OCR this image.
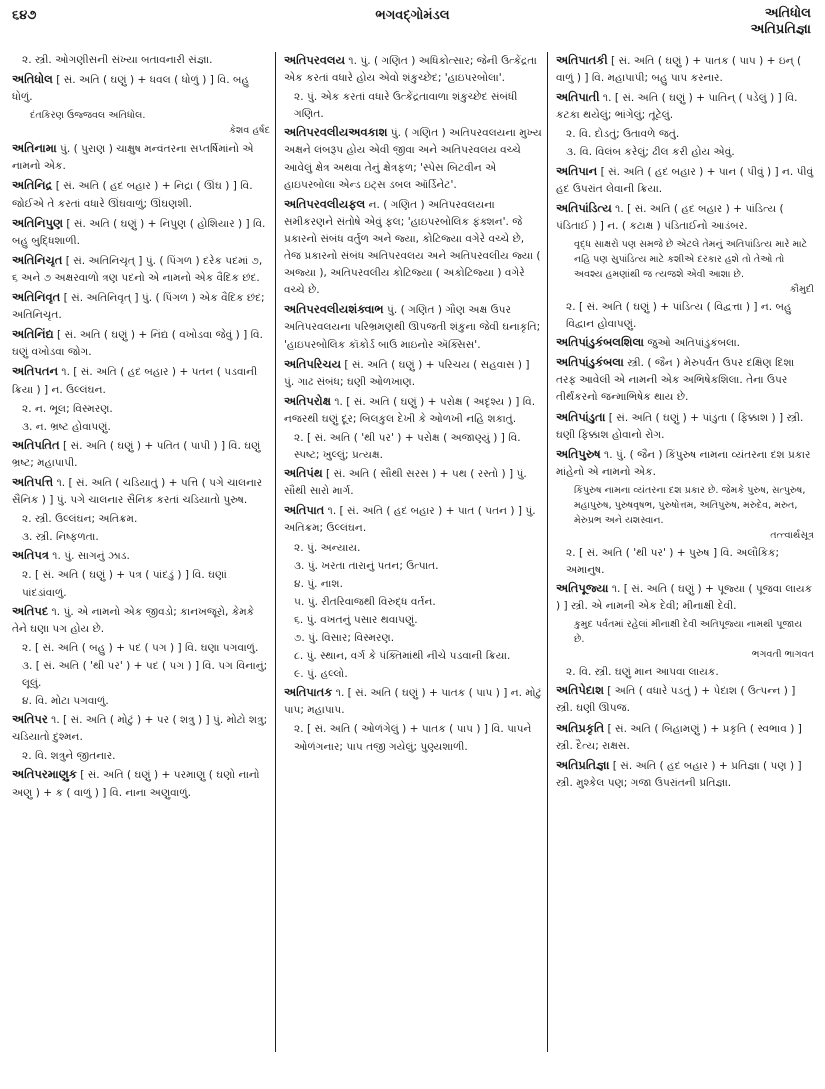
૬૪૭	ભગવદ્ગોમંડલ	અતિધોલ
અતિપ્રતિજ્ઞા
૨. સ્ત્રી. ઓગણીસની સંખ્યા બતાવનારી સંજ્ઞા.
અતિધોલ [ સં. અતિ ( ઘણું ) + ધવલ ( ધોળું ) ] વિ. બહુ ધોળું.
દંતકિરણ ઉજ્જવલ અતિધોલ.
કેશવ હર્ષદ
અતિનામા પું. ( પુરાણ ) ચાક્ષુષ મન્વંતરના સપ્તર્ષિમાંનો એ નામનો એક.
અતિનિદ્ર [ સં. અતિ ( હદ બહાર ) + નિદ્રા ( ઊંઘ ) ] વિ. જોઈએ તે કરતાં વધારે ઊંઘવાળું; ઊંઘણશી.
અતિનિપુણ [ સં. અતિ ( ઘણું ) + નિપુણ ( હોશિયાર ) ] વિ. બહુ બુદ્ધિશાળી.
અતિનિચૃત [ સં. અતિનિચૃત્ ] પું. ( પિંગળ ) દરેક પદમાં ૭, ૬ અને ૭ અક્ષરવાળો ત્રણ પદનો એ નામનો એક વૈદિક છંદ.
અતિનિવૃત [ સં. અતિનિવૃત્ ] પું. ( પિંગળ ) એક વૈદિક છંદ; અતિનિચૃત.
અતિનિંદ્ય [ સં. અતિ ( ઘણું ) + નિંદ્ય ( વખોડવા જેવું ) ] વિ. ઘણું વખોડવા જોગ.
અતિપતન ૧. [ સં. અતિ ( હદ બહાર ) + પતન ( પડવાની ક્રિયા ) ] ન. ઉલ્લંઘન.
૨. ન. ભૂલ; વિસ્મરણ.
૩. ન. ભ્રષ્ટ હોવાપણું.
અતિપતિત [ સં. અતિ ( ઘણું ) + પતિત ( પાપી ) ] વિ. ઘણું ભ્રષ્ટ; મહાપાપી.
અતિપત્તિ ૧. [ સં. અતિ ( ચડિયાતું ) + પત્તિ ( પગે ચાલનાર સૈનિક ) ] પું. પગે ચાલનાર સૈનિક કરતાં ચડિયાતો પુરુષ.
૨. સ્ત્રી. ઉલ્લંઘન; અતિક્રમ.
૩. સ્ત્રી. નિષ્ફળતા.
અતિપત્ર ૧. પું. સાગનું ઝાડ.
૨. [ સં. અતિ ( ઘણું ) + પત્ર ( પાંદડું ) ] વિ. ઘણાં પાંદડાંવાળું.
અતિપદ ૧. પું. એ નામનો એક જીવડો; કાનખજૂરો, કેમકે તેને ઘણા પગ હોય છે.
૨. [ સં. અતિ ( બહુ ) + પદ ( પગ ) ] વિ. ઘણા પગવાળું.
૩. [ સં. અતિ ( 'થી પર' ) + પદ ( પગ ) ] વિ. પગ વિનાનું; લૂલું.
૪. વિ. મોટા પગવાળું.
અતિપર ૧. [ સં. અતિ ( મોટું ) + પર ( શત્રુ ) ] પું. મોટો શત્રુ; ચડિયાતો દુશ્મન.
૨. વિ. શત્રુને જીતનાર.
અતિપરમાણુક [ સં. અતિ ( ઘણું ) + પરમાણુ ( ઘણો નાનો અણુ ) + ક ( વાળું ) ] વિ. નાના અણુવાળું.
અતિપરવલય ૧. પું. ( ગણિત ) અધિકોત્સાર; જેની ઉત્કેંદ્રતા એક કરતાં વધારે હોય એવો શંકુચ્છેદ; 'હાઇપરબોલા'.
૨. પું. એક કરતાં વધારે ઉત્કેંદ્રતાવાળા શંકુચ્છેદ સંબંધી ગણિત.
અતિપરવલીયઅવકાશ પું. ( ગણિત ) અતિપરવલયના મુખ્ય અક્ષને લંબરૂપ હોય એવી જીવા અને અતિપરવલય વચ્ચે આવેલું ક્ષેત્ર અથવા તેનું ક્ષેત્રફળ; 'સ્પેસ બિટવીન એ હાઇપરબોલા એન્ડ ઇટ્સ ડબલ ઑર્ડિનેટ'.
અતિપરવલીયફલ ન. ( ગણિત ) અતિપરવલયના સમીકરણને સંતોષે એવું ફલ; 'હાઇપરબોલિક ફંક્શન'. જે પ્રકારનો સંબંધ વર્તુળ અને જ્યા, કોટિજ્યા વગેરે વચ્ચે છે, તેજ પ્રકારનો સંબંધ અતિપરવલય અને અતિપરવલીય જ્યા ( અજ્યા ), અતિપરવલીય કોટિજ્યા ( અકોટિજ્યા ) વગેરે વચ્ચે છે.
અતિપરવલીયશંક્વાભ પું. ( ગણિત ) ગૌણ અક્ષ ઉપર અતિપરવલયના પરિભ્રમણથી ઊપજતી શંકુના જેવી ઘનાકૃતિ; 'હાઇપરબોલિક કૉકોર્ડ બાઉ માઇનોર ઍક્સિસ'.
અતિપરિચય [ સં. અતિ ( ઘણું ) + પરિચય ( સહવાસ ) ] પું. ગાઢ સંબંધ; ઘણી ઓળખાણ.
અતિપરોક્ષ ૧. [ સં. અતિ ( ઘણું ) + પરોક્ષ ( અદૃશ્ય ) ] વિ. નજરથી ઘણું દૂર; બિલકુલ દેખી કે ઓળખી નહિ શકાતું.
૨. [ સં. અતિ ( 'થી પર' ) + પરોક્ષ ( અજાણ્યું ) ] વિ. સ્પષ્ટ; ખુલ્લું; પ્રત્યક્ષ.
અતિપંથ [ સં. અતિ ( સૌથી સરસ ) + પથ ( રસ્તો ) ] પું. સૌથી સારો માર્ગ.
અતિપાત ૧. [ સં. અતિ ( હદ બહાર ) + પાત ( પતન ) ] પું. અતિક્રમ; ઉલ્લંઘન.
૨. પું. અન્યાય.
૩. પું. ખરતા તારાનું પતન; ઉત્પાત.
૪. પું. નાશ.
૫. પું. રીતરિવાજથી વિરુદ્ધ વર્તન.
૬. પું. વખતનું પસાર થવાપણું.
૭. પું. વિસાર; વિસ્મરણ.
૮. પું. સ્થાન, વર્ગ કે પંક્તિમાંથી નીચે પડવાની ક્રિયા.
૯. પું. હલ્લો.
અતિપાતક ૧. [ સં. અતિ ( ઘણું ) + પાતક ( પાપ ) ] ન. મોટું પાપ; મહાપાપ.
૨. [ સં. અતિ ( ઓળંગેલું ) + પાતક ( પાપ ) ] વિ. પાપને ઓળંગનાર; પાપ તજી ગયેલું; પુણ્યશાળી.
અતિપાતકી [ સં. અતિ ( ઘણું ) + પાતક ( પાપ ) + ઇન્ ( વાળું ) ] વિ. મહાપાપી; બહુ પાપ કરનાર.
અતિપાતી ૧. [ સં. અતિ ( ઘણું ) + પાતિન્ ( પડેલું ) ] વિ. કટકા થયેલું; ભાંગેલું; તૂટેલું.
૨. વિ. દોડતું; ઉતાવળે જતું.
૩. વિ. વિલંબ કરેલું; ઢીલ કરી હોય એવું.
અતિપાન [ સં. અતિ ( હદ બહાર ) + પાન ( પીવું ) ] ન. પીવું હદ ઉપરાંત લેવાની ક્રિયા.
અતિપાંડિત્ય ૧. [ સં. અતિ ( હદ બહાર ) + પાંડિત્ય ( પંડિતાઈ ) ] ન. ( કટાક્ષ ) પંડિતાઈનો આડંબર.
વૃદ્ધ સાક્ષરો પણ સમજે છે એટલે તેમનું અતિપાંડિત્ય મારે માટે નહિ પણ સુપાંડિત્ય માટે કશીએ દરકાર હશે તો તેઓ તો અવશ્ય હમણાંથી જ ત્યજશે એવી આશા છે.
કૌમુદી
૨. [ સં. અતિ ( ઘણું ) + પાંડિત્ય ( વિદ્વત્તા ) ] ન. બહુ વિદ્વાન હોવાપણું.
અતિપાંડુકંબલશિલા જુઓ અતિપાંડુકંબલા.
અતિપાંડુકંબલા સ્ત્રી. ( જૈન ) મેરુપર્વત ઉપર દક્ષિણ દિશા તરફ આવેલી એ નામની એક અભિષેકશિલા. તેના ઉપર તીર્થંકરનો જન્માભિષેક થાય છે.
અતિપાંડુતા [ સં. અતિ ( ઘણું ) + પાંડુતા ( ફિક્કાશ ) ] સ્ત્રી. ઘણી ફિક્કાશ હોવાનો રોગ.
અતિપુરુષ ૧. પું. ( જૈન ) કિંપુરુષ નામના વ્યંતરના દશ પ્રકાર માંહેનો એ નામનો એક.
કિંપુરુષ નામના વ્યંતરના દશ પ્રકાર છે. જેમકે પુરુષ, સત્પુરુષ, મહાપુરુષ, પુરુષવૃષભ, પુરુષોત્તમ, અતિપુરુષ, મરુદેવ, મરુત, મેરુપ્રભ અને યશસ્વાન.
તત્ત્વાર્થસૂત્ર
૨. [ સં. અતિ ( 'થી પર' ) + પુરુષ ] વિ. અલૌકિક; અમાનુષ.
અતિપૂજ્યા ૧. [ સં. અતિ ( ઘણું ) + પૂજ્યા ( પૂજવા લાયક ) ] સ્ત્રી. એ નામની એક દેવી; મીનાક્ષી દેવી.
કુમુદ પર્વતમાં રહેલાં મીનાક્ષી દેવી અતિપૂજ્યા નામથી પૂજાય છે.
ભગવતી ભાગવત
૨. વિ. સ્ત્રી. ઘણું માન આપવા લાયક.
અતિપેદાશ [ અતિ ( વધારે પડતું ) + પેદાશ ( ઉત્પન્ન ) ] સ્ત્રી. ઘણી ઊપજ.
અતિપ્રકૃતિ [ સં. અતિ ( બિહામણું ) + પ્રકૃતિ ( સ્વભાવ ) ] સ્ત્રી. દૈત્ય; રાક્ષસ.
અતિપ્રતિજ્ઞા [ સં. અતિ ( હદ બહાર ) + પ્રતિજ્ઞા ( પણ ) ] સ્ત્રી. મુશ્કેલ પણ; ગજા ઉપરાંતની પ્રતિજ્ઞા.
